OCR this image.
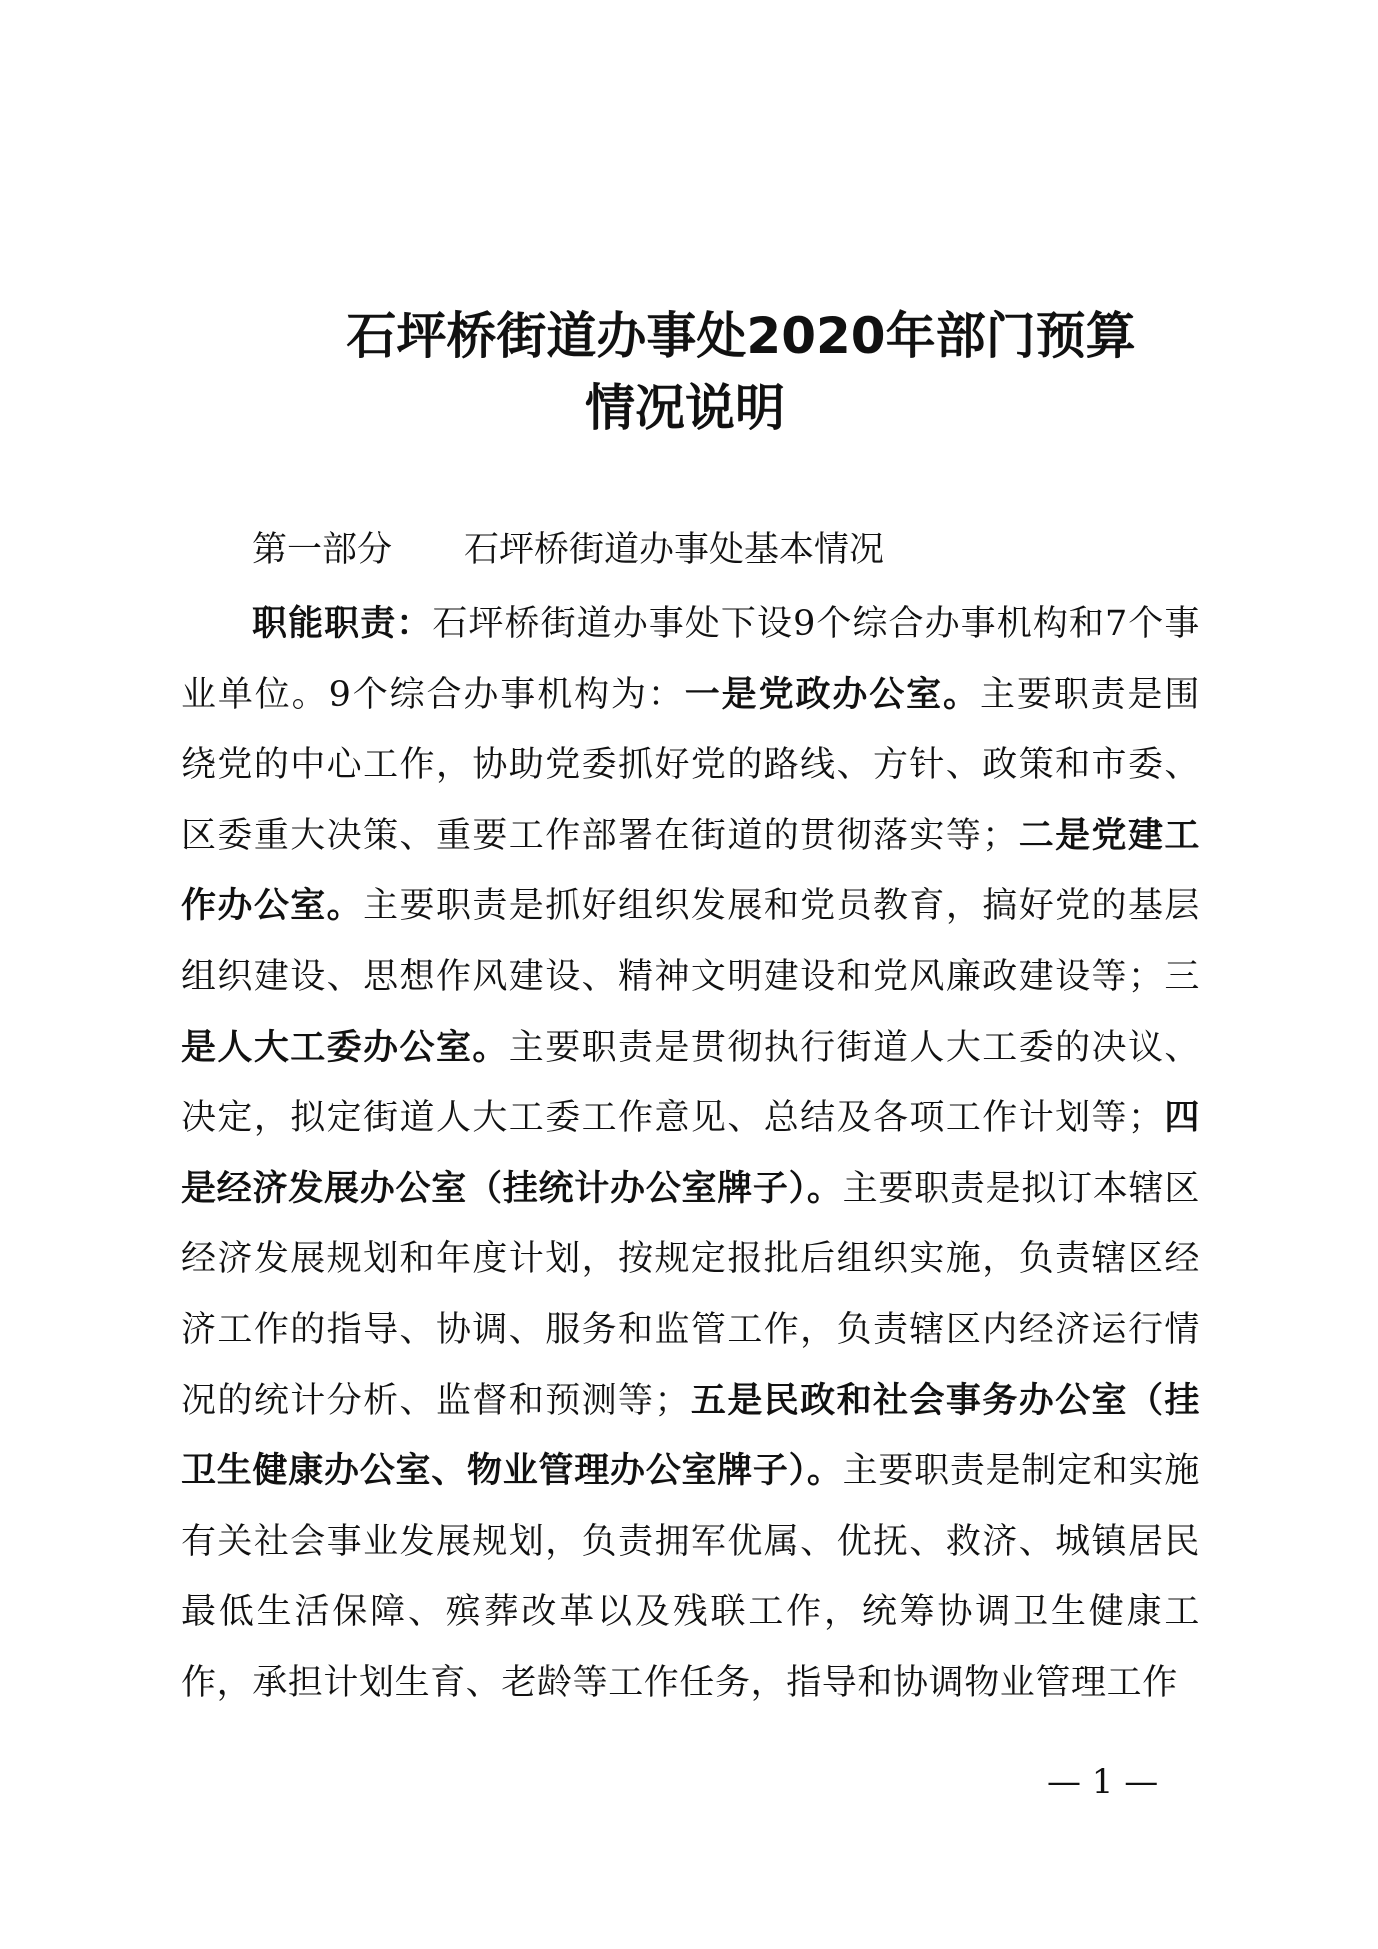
石坪桥街道办事处2020年部门预算
情况说明
第一部分 石坪桥街道办事处基本情况

职能职责：石坪桥街道办事处下设9个综合办事机构和7个事业单位。9个综合办事机构为：一是党政办公室。主要职责是围绕党的中心工作，协助党委抓好党的路线、方针、政策和市委、区委重大决策、重要工作部署在街道的贯彻落实等；二是党建工作办公室。主要职责是抓好组织发展和党员教育，搞好党的基层组织建设、思想作风建设、精神文明建设和党风廉政建设等；三是人大工委办公室。主要职责是贯彻执行街道人大工委的决议、决定，拟定街道人大工委工作意见、总结及各项工作计划等；四是经济发展办公室（挂统计办公室牌子）。主要职责是拟订本辖区经济发展规划和年度计划，按规定报批后组织实施，负责辖区经济工作的指导、协调、服务和监管工作，负责辖区内经济运行情况的统计分析、监督和预测等；五是民政和社会事务办公室（挂卫生健康办公室、物业管理办公室牌子）。主要职责是制定和实施有关社会事业发展规划，负责拥军优属、优抚、救济、城镇居民最低生活保障、殡葬改革以及残联工作，统筹协调卫生健康工作，承担计划生育、老龄等工作任务，指导和协调物业管理工作

— 1 —
